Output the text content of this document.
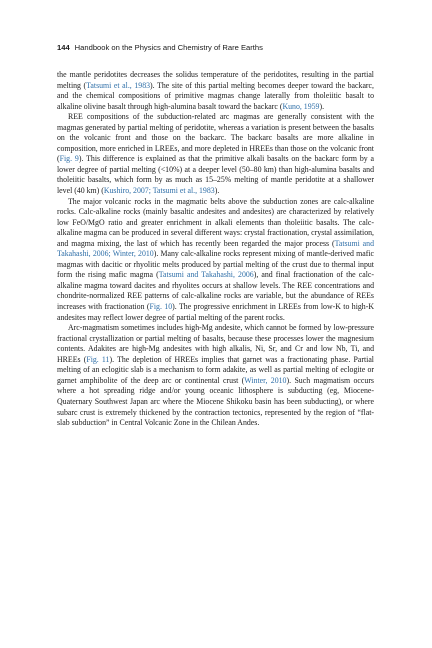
144 Handbook on the Physics and Chemistry of Rare Earths

the mantle peridotites decreases the solidus temperature of the peridotites, resulting in the partial melting (Tatsumi et al., 1983). The site of this partial melting becomes deeper toward the backarc, and the chemical compositions of primitive magmas change laterally from tholeiitic basalt to alkaline olivine basalt through high-alumina basalt toward the backarc (Kuno, 1959).

REE compositions of the subduction-related arc magmas are generally consistent with the magmas generated by partial melting of peridotite, whereas a variation is present between the basalts on the volcanic front and those on the backarc. The backarc basalts are more alkaline in composition, more enriched in LREEs, and more depleted in HREEs than those on the volcanic front (Fig. 9). This difference is explained as that the primitive alkali basalts on the backarc form by a lower degree of partial melting (<10%) at a deeper level (50–80 km) than high-alumina basalts and tholeiitic basalts, which form by as much as 15–25% melting of mantle peridotite at a shallower level (40 km) (Kushiro, 2007; Tatsumi et al., 1983).

The major volcanic rocks in the magmatic belts above the subduction zones are calc-alkaline rocks. Calc-alkaline rocks (mainly basaltic andesites and andesites) are characterized by relatively low FeO/MgO ratio and greater enrichment in alkali elements than tholeiitic basalts. The calc-alkaline magma can be produced in several different ways: crystal fractionation, crystal assimilation, and magma mixing, the last of which has recently been regarded the major process (Tatsumi and Takahashi, 2006; Winter, 2010). Many calc-alkaline rocks represent mixing of mantle-derived mafic magmas with dacitic or rhyolitic melts produced by partial melting of the crust due to thermal input form the rising mafic magma (Tatsumi and Takahashi, 2006), and final fractionation of the calc-alkaline magma toward dacites and rhyolites occurs at shallow levels. The REE concentrations and chondrite-normalized REE patterns of calc-alkaline rocks are variable, but the abundance of REEs increases with fractionation (Fig. 10). The progressive enrichment in LREEs from low-K to high-K andesites may reflect lower degree of partial melting of the parent rocks.

Arc-magmatism sometimes includes high-Mg andesite, which cannot be formed by low-pressure fractional crystallization or partial melting of basalts, because these processes lower the magnesium contents. Adakites are high-Mg andesites with high alkalis, Ni, Sr, and Cr and low Nb, Ti, and HREEs (Fig. 11). The depletion of HREEs implies that garnet was a fractionating phase. Partial melting of an eclogitic slab is a mechanism to form adakite, as well as partial melting of eclogite or garnet amphibolite of the deep arc or continental crust (Winter, 2010). Such magmatism occurs where a hot spreading ridge and/or young oceanic lithosphere is subducting (eg, Miocene-Quaternary Southwest Japan arc where the Miocene Shikoku basin has been subducting), or where subarc crust is extremely thickened by the contraction tectonics, represented by the region of “flat-slab subduction” in Central Volcanic Zone in the Chilean Andes.
